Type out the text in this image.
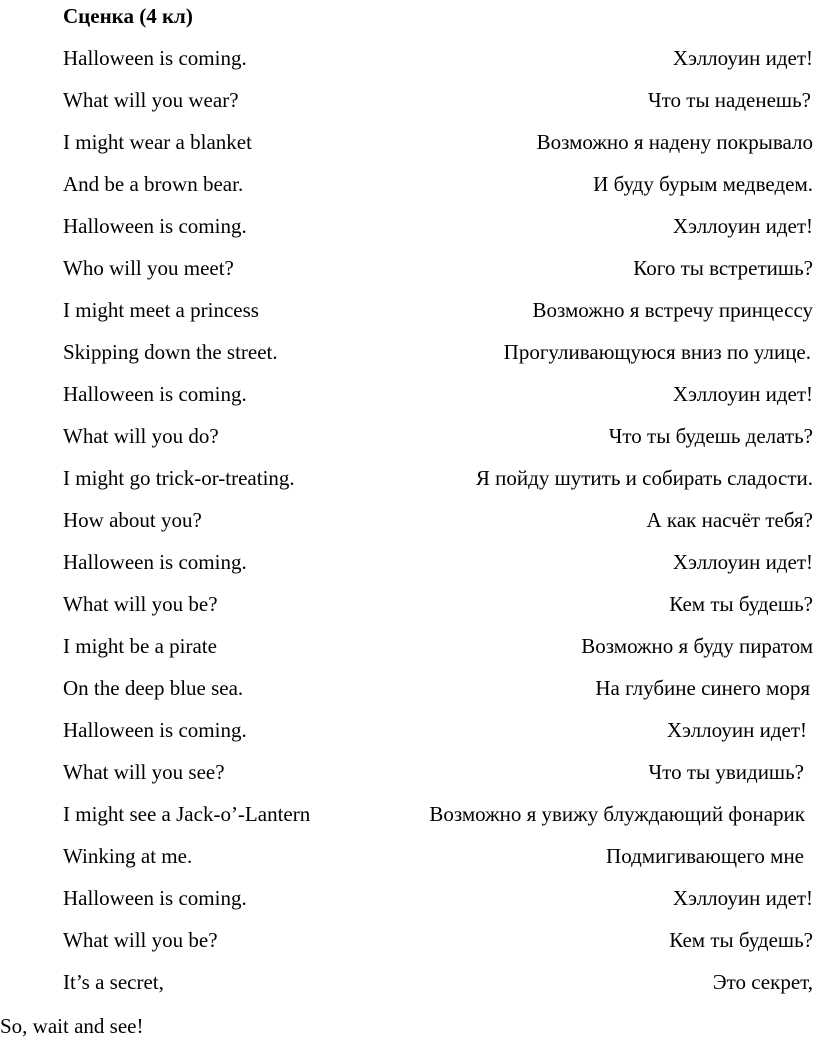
Сценка (4 кл)
Halloween is coming.	Хэллоуин идет!
What will you wear?	Что ты наденешь?
I might wear a blanket	Возможно я надену покрывало
And be a brown bear.	И буду бурым медведем.
Halloween is coming.	Хэллоуин идет!
Who will you meet?	Кого ты встретишь?
I might meet a princess	Возможно я встречу принцессу
Skipping down the street.	Прогуливающуюся вниз по улице.
Halloween is coming.	Хэллоуин идет!
What will you do?	Что ты будешь делать?
I might go trick-or-treating.	Я пойду шутить и собирать сладости.
How about you?	А как насчёт тебя?
Halloween is coming.	Хэллоуин идет!
What will you be?	Кем ты будешь?
I might be a pirate	Возможно я буду пиратом
On the deep blue sea.	На глубине синего моря
Halloween is coming.	Хэллоуин идет!
What will you see?	Что ты увидишь?
I might see a Jack-o’-Lantern	Возможно я увижу блуждающий фонарик
Winking at me.	Подмигивающего мне
Halloween is coming.	Хэллоуин идет!
What will you be?	Кем ты будешь?
It’s a secret,	Это секрет,
So, wait and see!
